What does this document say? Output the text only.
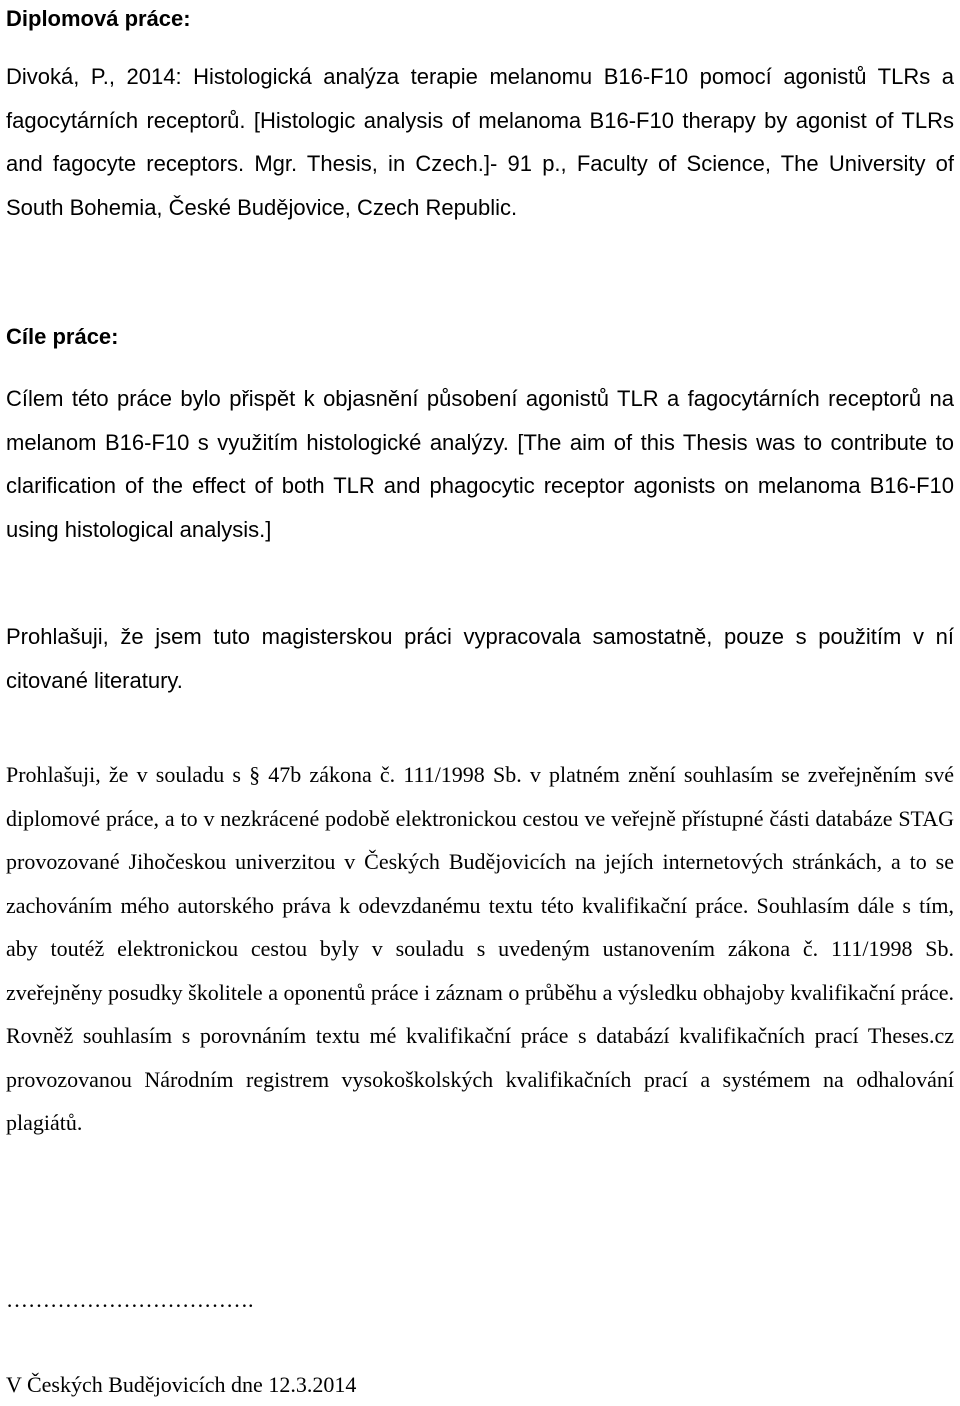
Diplomová práce:

Divoká, P., 2014: Histologická analýza terapie melanomu B16-F10 pomocí agonistů TLRs a fagocytárních receptorů. [Histologic analysis of melanoma B16-F10 therapy by agonist of TLRs and fagocyte receptors. Mgr. Thesis, in Czech.]- 91 p., Faculty of Science, The University of South Bohemia, České Budějovice, Czech Republic.

Cíle práce:

Cílem této práce bylo přispět k objasnění působení agonistů TLR a fagocytárních receptorů na melanom B16-F10 s využitím histologické analýzy. [The aim of this Thesis was to contribute to clarification of the effect of both TLR and phagocytic receptor agonists on melanoma B16-F10 using histological analysis.]

Prohlašuji, že jsem tuto magisterskou práci vypracovala samostatně, pouze s použitím v ní citované literatury.

Prohlašuji, že v souladu s § 47b zákona č. 111/1998 Sb. v platném znění souhlasím se zveřejněním své diplomové práce, a to v nezkrácené podobě elektronickou cestou ve veřejně přístupné části databáze STAG provozované Jihočeskou univerzitou v Českých Budějovicích na jejích internetových stránkách, a to se zachováním mého autorského práva k odevzdanému textu této kvalifikační práce. Souhlasím dále s tím, aby toutéž elektronickou cestou byly v souladu s uvedeným ustanovením zákona č. 111/1998 Sb. zveřejněny posudky školitele a oponentů práce i záznam o průběhu a výsledku obhajoby kvalifikační práce. Rovněž souhlasím s porovnáním textu mé kvalifikační práce s databází kvalifikačních prací Theses.cz provozovanou Národním registrem vysokoškolských kvalifikačních prací a systémem na odhalování plagiátů.

…………………………….

V Českých Budějovicích dne 12.3.2014
